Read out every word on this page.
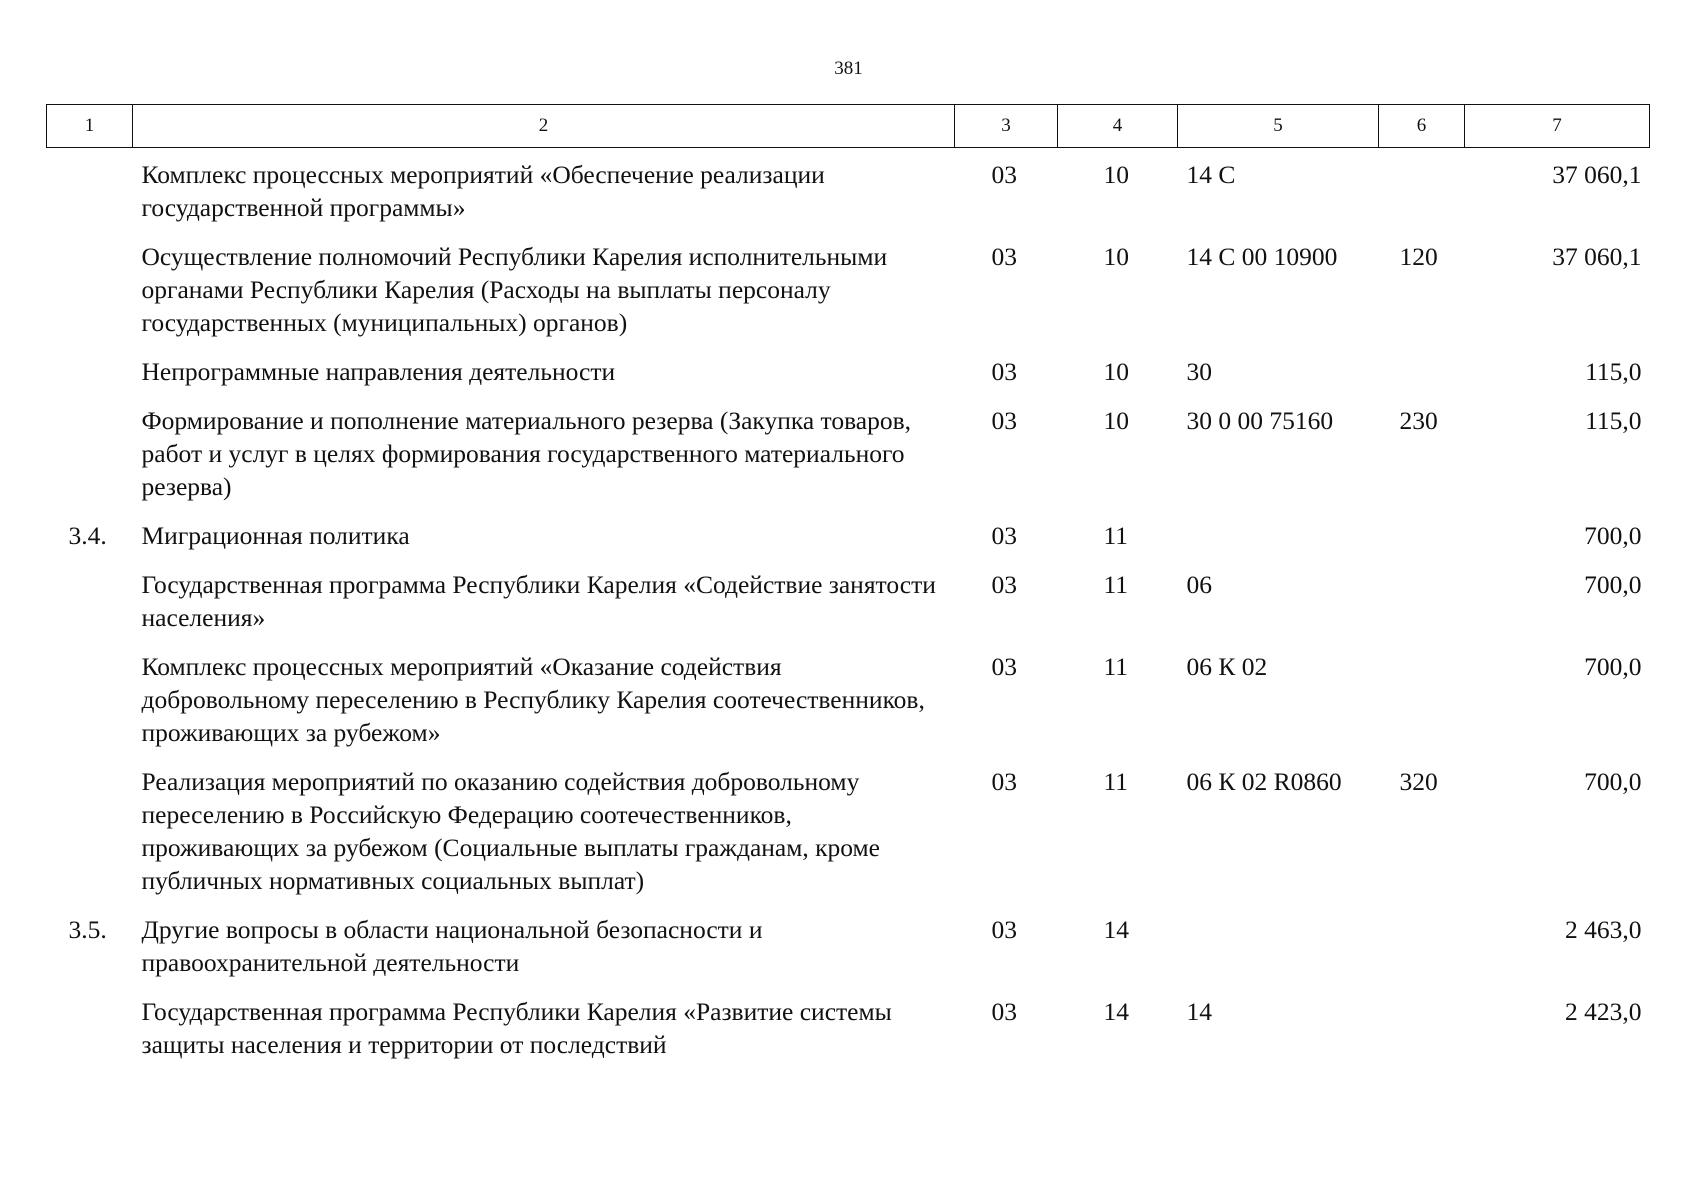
381
1	2	3	4	5	6	7
	Комплекс процессных мероприятий «Обеспечение реализации государственной программы»	03	10	14 С		37 060,1
	Осуществление полномочий Республики Карелия исполнительными органами Республики Карелия (Расходы на выплаты персоналу государственных (муниципальных) органов)	03	10	14 С 00 10900	120	37 060,1
	Непрограммные направления деятельности	03	10	30		115,0
	Формирование и пополнение материального резерва (Закупка товаров, работ и услуг в целях формирования государственного материального резерва)	03	10	30 0 00 75160	230	115,0
3.4.	Миграционная политика	03	11			700,0
	Государственная программа Республики Карелия «Содействие занятости населения»	03	11	06		700,0
	Комплекс процессных мероприятий «Оказание содействия добровольному переселению в Республику Карелия соотечественников, проживающих за рубежом»	03	11	06 К 02		700,0
	Реализация мероприятий по оказанию содействия добровольному переселению в Российскую Федерацию соотечественников, проживающих за рубежом (Социальные выплаты гражданам, кроме публичных нормативных социальных выплат)	03	11	06 К 02 R0860	320	700,0
3.5.	Другие вопросы в области национальной безопасности и правоохранительной деятельности	03	14			2 463,0
	Государственная программа Республики Карелия «Развитие системы защиты населения и территории от последствий	03	14	14		2 423,0
